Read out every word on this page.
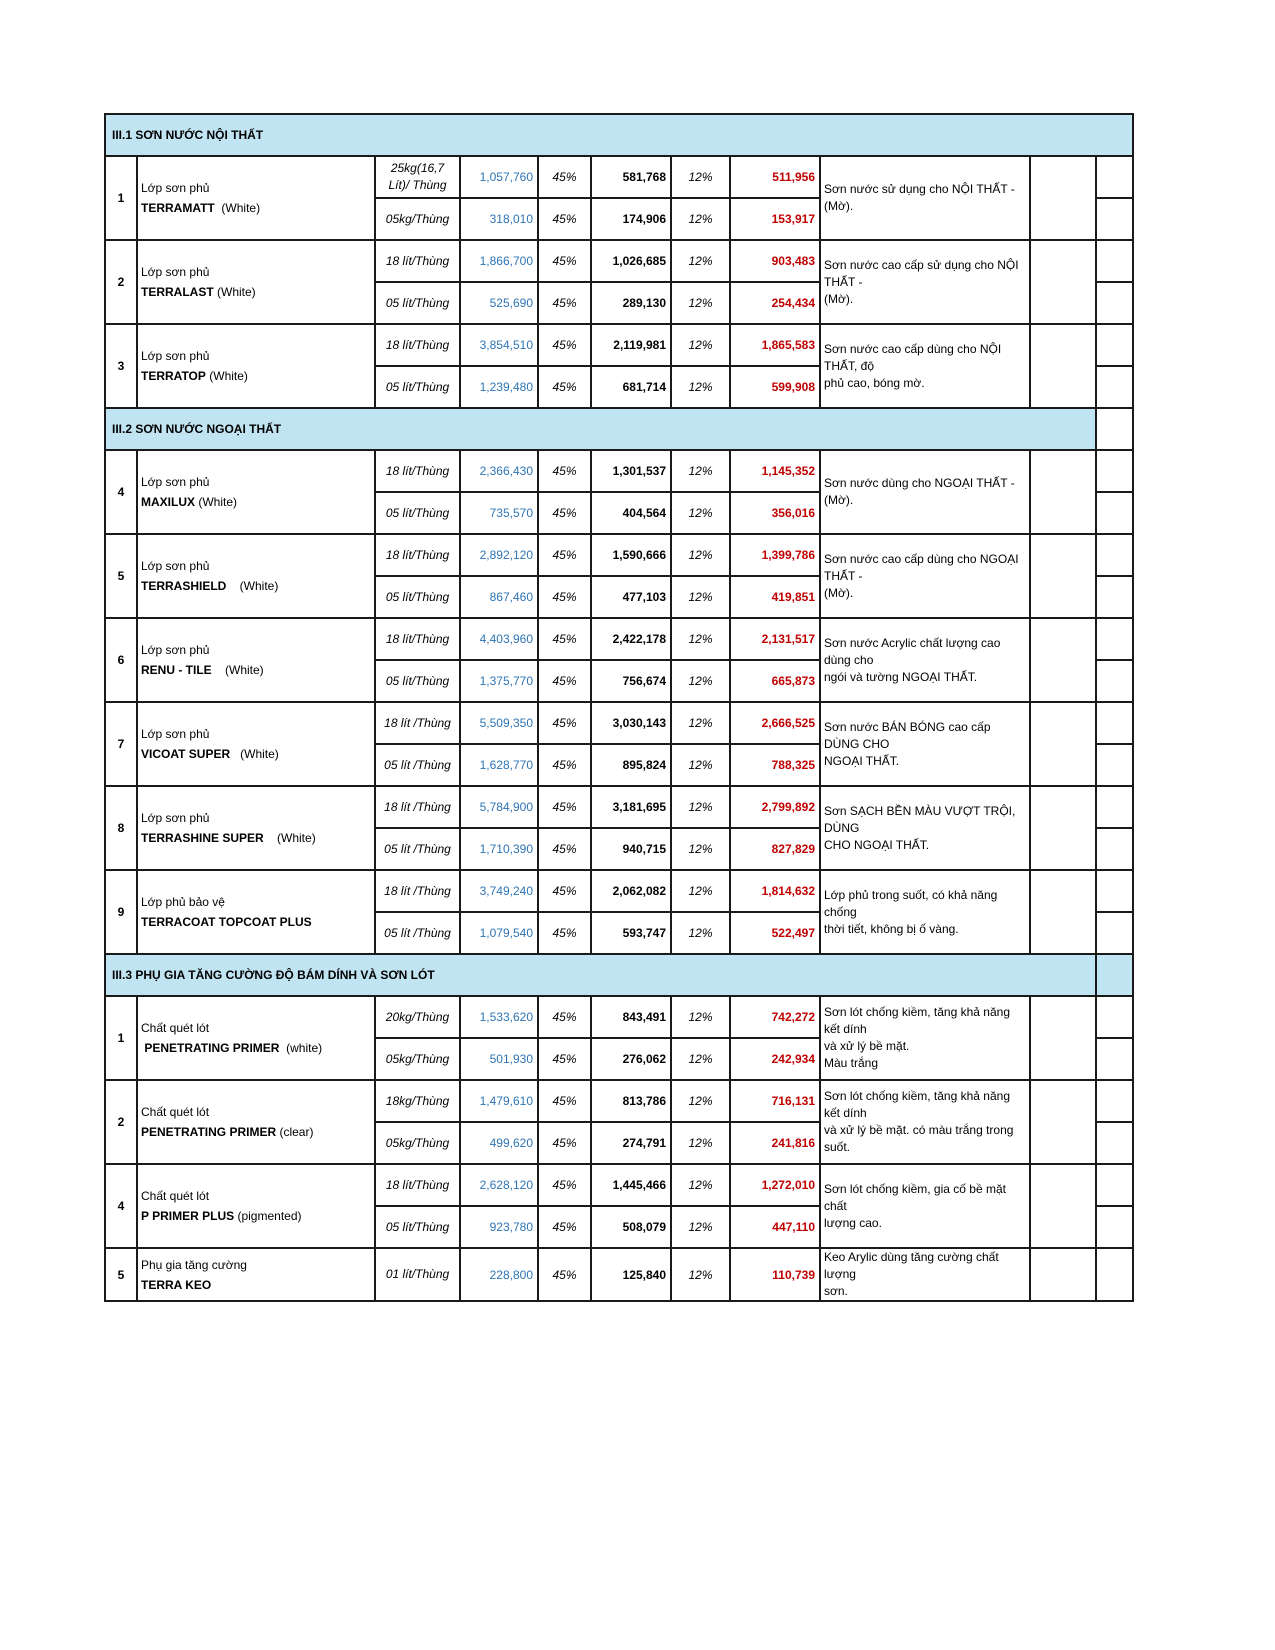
III.1 SƠN NƯỚC NỘI THẤT										
1	Lớp sơn phủ
TERRAMATT  (White)	25kg(16,7 Lít)/ Thùng	1,057,760	45%	581,768	12%	511,956	Sơn nước sử dụng cho NỘI THẤT - (Mờ).		

		05kg/Thùng	318,010	45%	174,906	12%	153,917			
2	Lớp sơn phủ
TERRALAST (White)	18 lít/Thùng	1,866,700	45%	1,026,685	12%	903,483	Sơn nước cao cấp sử dụng cho NỘI THẤT -
(Mờ).		

		05 lít/Thùng	525,690	45%	289,130	12%	254,434			
3	Lớp sơn phủ
TERRATOP (White)	18 lít/Thùng	3,854,510	45%	2,119,981	12%	1,865,583	Sơn nước cao cấp dùng cho NỘI THẤT, độ
phủ cao, bóng mờ.		

		05 lít/Thùng	1,239,480	45%	681,714	12%	599,908			
III.2 SƠN NƯỚC NGOẠI THẤT										
4	Lớp sơn phủ
MAXILUX (White)	18 lít/Thùng	2,366,430	45%	1,301,537	12%	1,145,352	Sơn nước dùng cho NGOẠI THẤT - (Mờ).		

		05 lít/Thùng	735,570	45%	404,564	12%	356,016			
5	Lớp sơn phủ
TERRASHIELD    (White)	18 lít/Thùng	2,892,120	45%	1,590,666	12%	1,399,786	Sơn nước cao cấp dùng cho NGOẠI THẤT -
(Mờ).		

		05 lít/Thùng	867,460	45%	477,103	12%	419,851			
6	Lớp sơn phủ
RENU - TILE    (White)	18 lít/Thùng	4,403,960	45%	2,422,178	12%	2,131,517	Sơn nước Acrylic chất lượng cao dùng cho
ngói và tường NGOẠI THẤT.		

		05 lít/Thùng	1,375,770	45%	756,674	12%	665,873			
7	Lớp sơn phủ
VICOAT SUPER   (White)	18 lít /Thùng	5,509,350	45%	3,030,143	12%	2,666,525	Sơn nước BÁN BÓNG cao cấp DÙNG CHO
NGOẠI THẤT.		

		05 lít /Thùng	1,628,770	45%	895,824	12%	788,325			
8	Lớp sơn phủ
TERRASHINE SUPER    (White)	18 lít /Thùng	5,784,900	45%	3,181,695	12%	2,799,892	Sơn SẠCH BỀN MÀU VƯỢT TRỘI, DÙNG
CHO NGOẠI THẤT.		

		05 lít /Thùng	1,710,390	45%	940,715	12%	827,829			
9	Lớp phủ bảo vệ
TERRACOAT TOPCOAT PLUS	18 lít /Thùng	3,749,240	45%	2,062,082	12%	1,814,632	Lớp phủ trong suốt, có khả năng chống
thời tiết, không bị ố vàng.		

		05 lít /Thùng	1,079,540	45%	593,747	12%	522,497			
III.3 PHỤ GIA TĂNG CƯỜNG ĐỘ BÁM DÍNH VÀ SƠN LÓT										
1	Chất quét lót
PENETRATING PRIMER  (white)	20kg/Thùng	1,533,620	45%	843,491	12%	742,272	Sơn lót chống kiềm, tăng khả năng kết dính
và xử lý bề mặt.
Màu trắng		

		05kg/Thùng	501,930	45%	276,062	12%	242,934			
2	Chất quét lót
PENETRATING PRIMER (clear)	18kg/Thùng	1,479,610	45%	813,786	12%	716,131	Sơn lót chống kiềm, tăng khả năng kết dính
và xử lý bề mặt. có màu trắng trong suốt.		

		05kg/Thùng	499,620	45%	274,791	12%	241,816			
4	Chất quét lót
P PRIMER PLUS (pigmented)	18 lít/Thùng	2,628,120	45%	1,445,466	12%	1,272,010	Sơn lót chống kiềm, gia cố bề mặt chất
lượng cao.		

		05 lít/Thùng	923,780	45%	508,079	12%	447,110			
5	Phụ gia tăng cường
TERRA KEO	01 lít/Thùng	228,800	45%	125,840	12%	110,739	Keo Arylic dùng tăng cường chất lượng
sơn.		
